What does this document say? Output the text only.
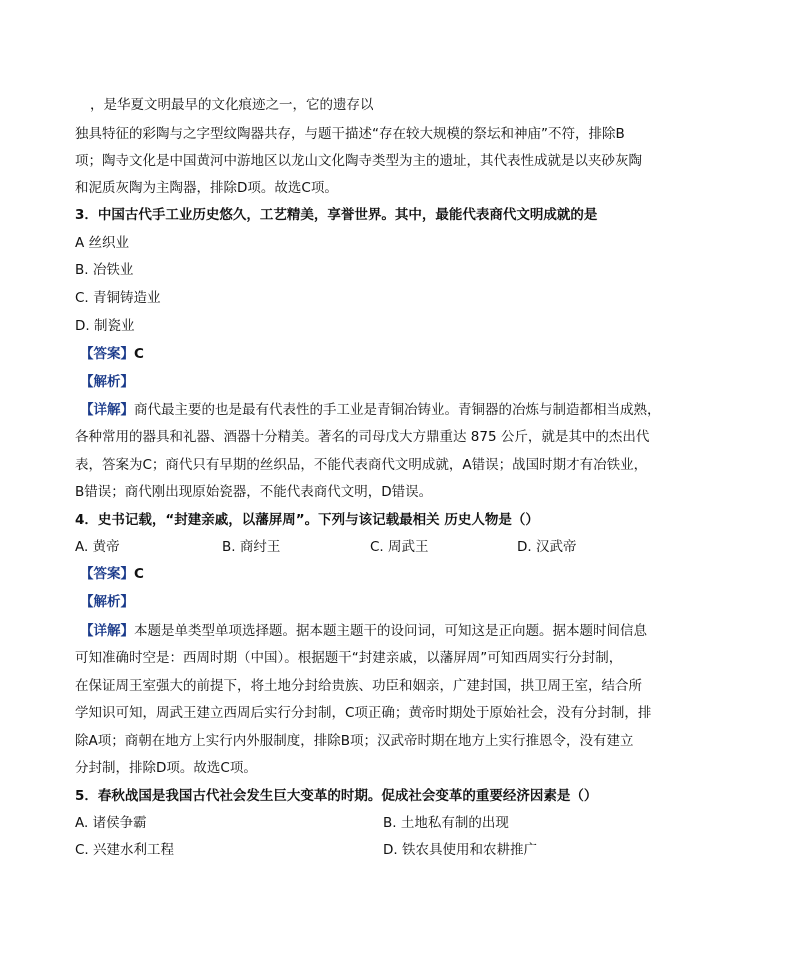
，是华夏文明最早的文化痕迹之一，它的遗存以
独具特征的彩陶与之字型纹陶器共存，与题干描述“存在较大规模的祭坛和神庙”不符，排除B
项；陶寺文化是中国黄河中游地区以龙山文化陶寺类型为主的遗址，其代表性成就是以夹砂灰陶
和泥质灰陶为主陶器，排除D项。故选C项。
3．中国古代手工业历史悠久，工艺精美，享誉世界。其中，最能代表商代文明成就的是
A 丝织业
B. 冶铁业
C. 青铜铸造业
D. 制瓷业
【答案】C
【解析】
【详解】商代最主要的也是最有代表性的手工业是青铜冶铸业。青铜器的冶炼与制造都相当成熟，
各种常用的器具和礼器、酒器十分精美。著名的司母戊大方鼎重达 875 公斤，就是其中的杰出代
表，答案为C；商代只有早期的丝织品，不能代表商代文明成就，A错误；战国时期才有冶铁业，
B错误；商代刚出现原始瓷器，不能代表商代文明，D错误。
4．史书记载，“封建亲戚，以藩屏周”。下列与该记载最相关 历史人物是（）
A. 黄帝	B. 商纣王	C. 周武王	D. 汉武帝
【答案】C
【解析】
【详解】本题是单类型单项选择题。据本题主题干的设问词，可知这是正向题。据本题时间信息
可知准确时空是：西周时期（中国）。根据题干“封建亲戚，以藩屏周”可知西周实行分封制，
在保证周王室强大的前提下，将土地分封给贵族、功臣和姻亲，广建封国，拱卫周王室，结合所
学知识可知，周武王建立西周后实行分封制，C项正确；黄帝时期处于原始社会，没有分封制，排
除A项；商朝在地方上实行内外服制度，排除B项；汉武帝时期在地方上实行推恩令，没有建立
分封制，排除D项。故选C项。
5．春秋战国是我国古代社会发生巨大变革的时期。促成社会变革的重要经济因素是（）
A. 诸侯争霸	B. 土地私有制的出现
C. 兴建水利工程	D. 铁农具使用和农耕推广
